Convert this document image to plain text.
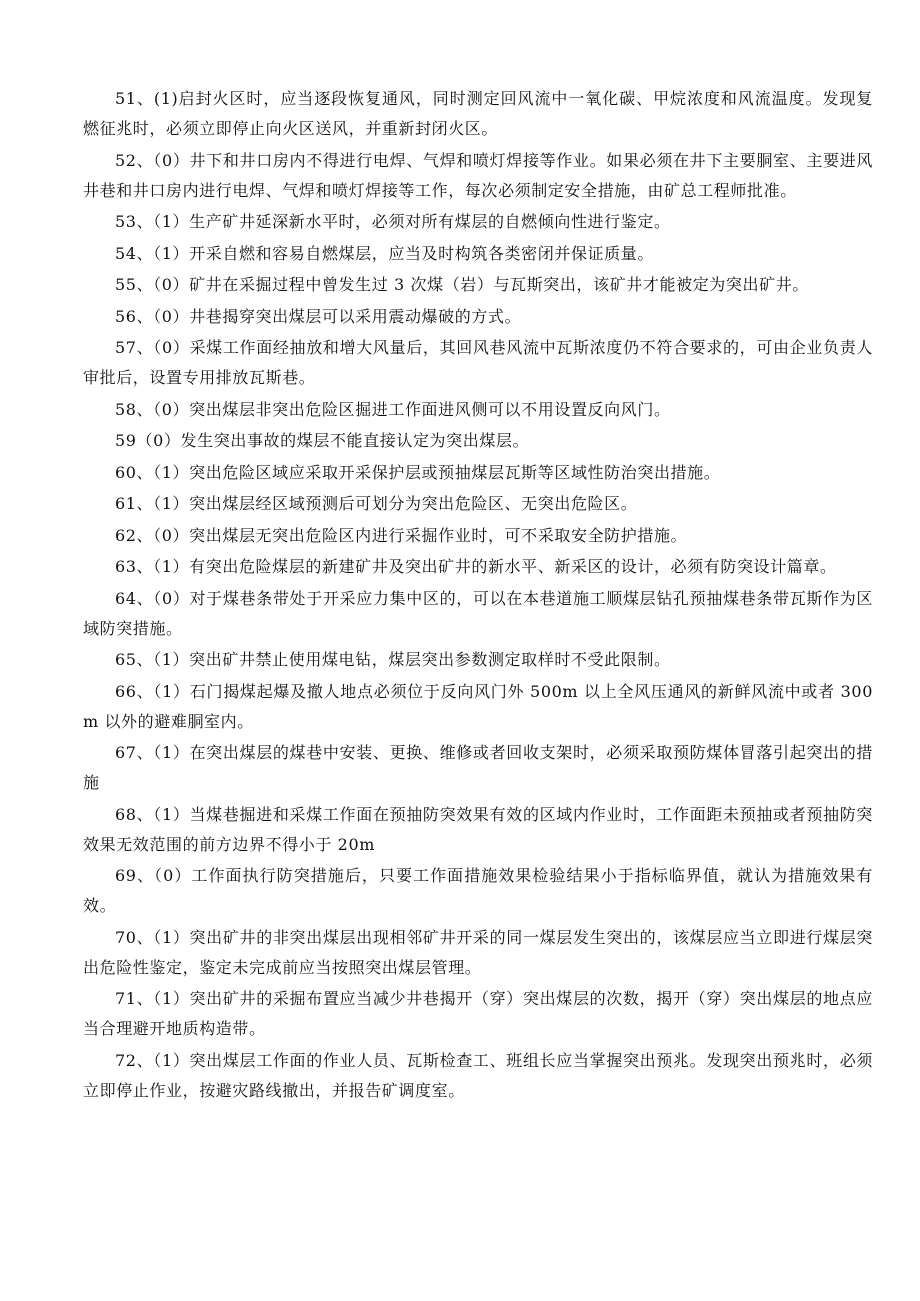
51、(1)启封火区时，应当逐段恢复通风，同时测定回风流中一氧化碳、甲烷浓度和风流温度。发现复燃征兆时，必须立即停止向火区送风，并重新封闭火区。

52、（0）井下和井口房内不得进行电焊、气焊和喷灯焊接等作业。如果必须在井下主要胴室、主要进风井巷和井口房内进行电焊、气焊和喷灯焊接等工作，每次必须制定安全措施，由矿总工程师批准。

53、（1）生产矿井延深新水平时，必须对所有煤层的自燃倾向性进行鉴定。

54、（1）开采自燃和容易自燃煤层，应当及时构筑各类密闭并保证质量。

55、（0）矿井在采掘过程中曾发生过 3 次煤（岩）与瓦斯突出，该矿井才能被定为突出矿井。

56、（0）井巷揭穿突出煤层可以采用震动爆破的方式。

57、（0）采煤工作面经抽放和增大风量后，其回风巷风流中瓦斯浓度仍不符合要求的，可由企业负责人审批后，设置专用排放瓦斯巷。

58、（0）突出煤层非突出危险区掘进工作面进风侧可以不用设置反向风门。

59（0）发生突出事故的煤层不能直接认定为突出煤层。

60、（1）突出危险区域应采取开采保护层或预抽煤层瓦斯等区域性防治突出措施。

61、（1）突出煤层经区域预测后可划分为突出危险区、无突出危险区。

62、（0）突出煤层无突出危险区内进行采掘作业时，可不采取安全防护措施。

63、（1）有突出危险煤层的新建矿井及突出矿井的新水平、新采区的设计，必须有防突设计篇章。

64、（0）对于煤巷条带处于开采应力集中区的，可以在本巷道施工顺煤层钻孔预抽煤巷条带瓦斯作为区域防突措施。

65、（1）突出矿井禁止使用煤电钻，煤层突出参数测定取样时不受此限制。

66、（1）石门揭煤起爆及撤人地点必须位于反向风门外 500m 以上全风压通风的新鲜风流中或者 300m 以外的避难胴室内。

67、（1）在突出煤层的煤巷中安装、更换、维修或者回收支架时，必须采取预防煤体冒落引起突出的措施

68、（1）当煤巷掘进和采煤工作面在预抽防突效果有效的区域内作业时，工作面距未预抽或者预抽防突效果无效范围的前方边界不得小于 20m

69、（0）工作面执行防突措施后，只要工作面措施效果检验结果小于指标临界值，就认为措施效果有效。

70、（1）突出矿井的非突出煤层出现相邻矿井开采的同一煤层发生突出的，该煤层应当立即进行煤层突出危险性鉴定，鉴定未完成前应当按照突出煤层管理。

71、（1）突出矿井的采掘布置应当减少井巷揭开（穿）突出煤层的次数，揭开（穿）突出煤层的地点应当合理避开地质构造带。

72、（1）突出煤层工作面的作业人员、瓦斯检查工、班组长应当掌握突出预兆。发现突出预兆时，必须立即停止作业，按避灾路线撤出，并报告矿调度室。
